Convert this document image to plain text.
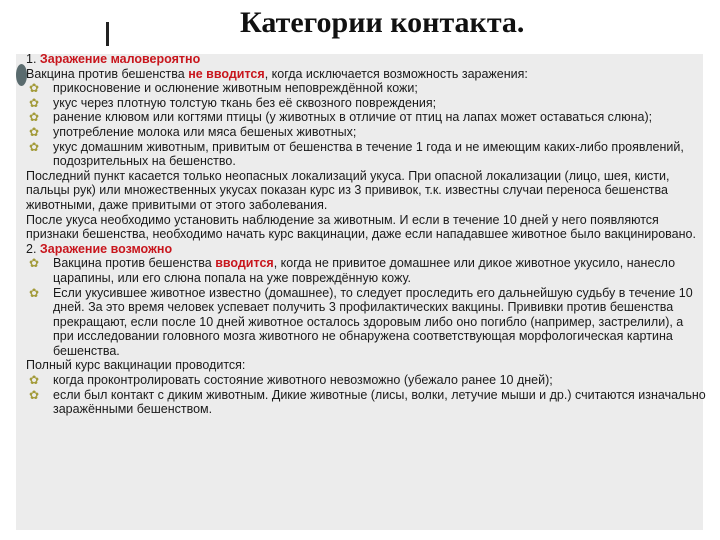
Категории контакта.

1. Заражение маловероятно

Вакцина против бешенства не вводится, когда исключается возможность заражения:

✿ прикосновение и ослюнение животным неповреждённой кожи;

✿ укус через плотную толстую ткань без её сквозного повреждения;

✿ ранение клювом или когтями птицы (у животных в отличие от птиц на лапах может оставаться слюна);

✿ употребление молока или мяса бешеных животных;

✿ укус домашним животным, привитым от бешенства в течение 1 года и не имеющим каких-либо проявлений, подозрительных на бешенство.

Последний пункт касается только неопасных локализаций укуса. При опасной локализации (лицо, шея, кисти, пальцы рук) или множественных укусах показан курс из 3 прививок, т.к. известны случаи переноса бешенства животными, даже привитыми от этого заболевания.

После укуса необходимо установить наблюдение за животным. И если в течение 10 дней у него появляются признаки бешенства, необходимо начать курс вакцинации, даже если нападавшее животное было вакцинировано.

2. Заражение возможно

✿ Вакцина против бешенства вводится, когда не привитое домашнее или дикое животное укусило, нанесло царапины, или его слюна попала на уже повреждённую кожу.

✿ Если укусившее животное известно (домашнее), то следует проследить его дальнейшую судьбу в течение 10 дней. За это время человек успевает получить 3 профилактических вакцины. Прививки против бешенства прекращают, если после 10 дней животное осталось здоровым либо оно погибло (например, застрелили), а при исследовании головного мозга животного не обнаружена соответствующая морфологическая картина бешенства.

Полный курс вакцинации проводится:

✿ когда проконтролировать состояние животного невозможно (убежало ранее 10 дней);

✿ если был контакт с диким животным. Дикие животные (лисы, волки, летучие мыши и др.) считаются изначально заражёнными бешенством.
